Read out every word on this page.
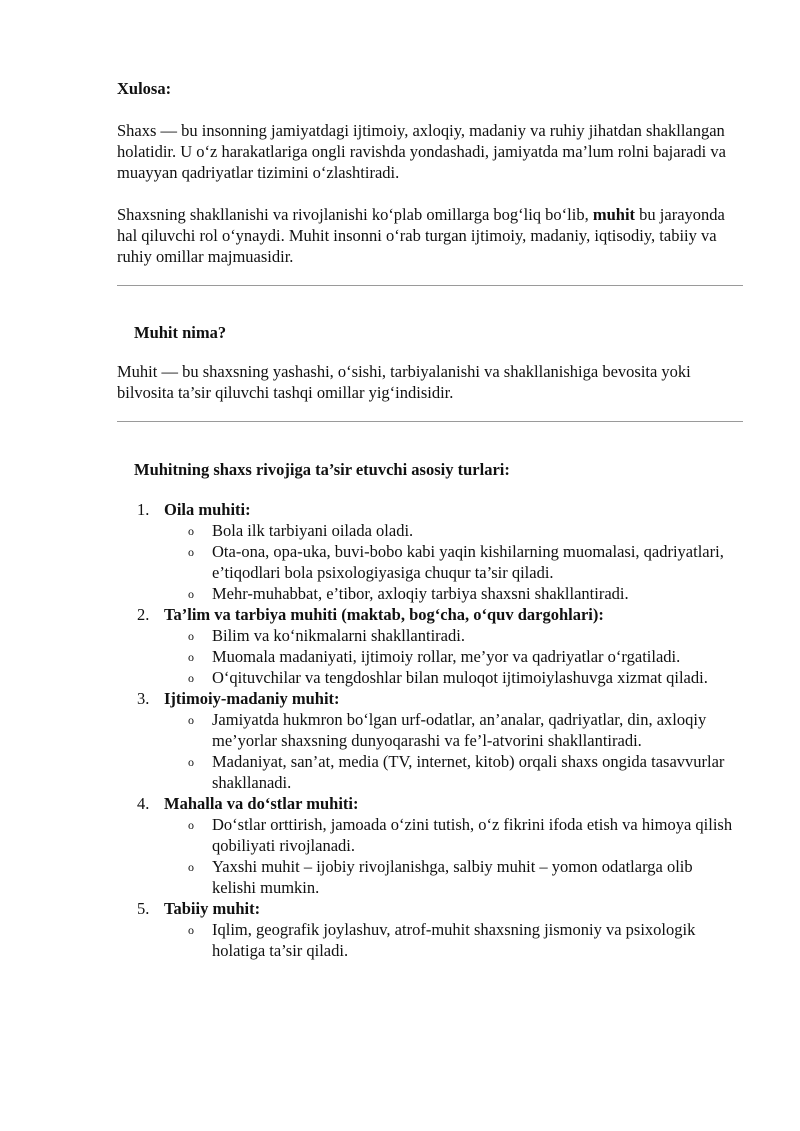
Xulosa:

Shaxs — bu insonning jamiyatdagi ijtimoiy, axloqiy, madaniy va ruhiy jihatdan shakllangan holatidir. U o‘z harakatlariga ongli ravishda yondashadi, jamiyatda ma’lum rolni bajaradi va muayyan qadriyatlar tizimini o‘zlashtiradi.

Shaxsning shakllanishi va rivojlanishi ko‘plab omillarga bog‘liq bo‘lib, muhit bu jarayonda hal qiluvchi rol o‘ynaydi. Muhit insonni o‘rab turgan ijtimoiy, madaniy, iqtisodiy, tabiiy va ruhiy omillar majmuasidir.

Muhit nima?

Muhit — bu shaxsning yashashi, o‘sishi, tarbiyalanishi va shakllanishiga bevosita yoki bilvosita ta’sir qiluvchi tashqi omillar yig‘indisidir.

Muhitning shaxs rivojiga ta’sir etuvchi asosiy turlari:

1. Oila muhiti:

o Bola ilk tarbiyani oilada oladi.
o Ota-ona, opa-uka, buvi-bobo kabi yaqin kishilarning muomalasi, qadriyatlari, e’tiqodlari bola psixologiyasiga chuqur ta’sir qiladi.
o Mehr-muhabbat, e’tibor, axloqiy tarbiya shaxsni shakllantiradi.

2. Ta’lim va tarbiya muhiti (maktab, bog‘cha, o‘quv dargohlari):

o Bilim va ko‘nikmalarni shakllantiradi.
o Muomala madaniyati, ijtimoiy rollar, me’yor va qadriyatlar o‘rgatiladi.
o O‘qituvchilar va tengdoshlar bilan muloqot ijtimoiylashuvga xizmat qiladi.

3. Ijtimoiy-madaniy muhit:

o Jamiyatda hukmron bo‘lgan urf-odatlar, an’analar, qadriyatlar, din, axloqiy me’yorlar shaxsning dunyoqarashi va fe’l-atvorini shakllantiradi.
o Madaniyat, san’at, media (TV, internet, kitob) orqali shaxs ongida tasavvurlar shakllanadi.

4. Mahalla va do‘stlar muhiti:

o Do‘stlar orttirish, jamoada o‘zini tutish, o‘z fikrini ifoda etish va himoya qilish qobiliyati rivojlanadi.
o Yaxshi muhit – ijobiy rivojlanishga, salbiy muhit – yomon odatlarga olib kelishi mumkin.

5. Tabiiy muhit:

o Iqlim, geografik joylashuv, atrof-muhit shaxsning jismoniy va psixologik holatiga ta’sir qiladi.
